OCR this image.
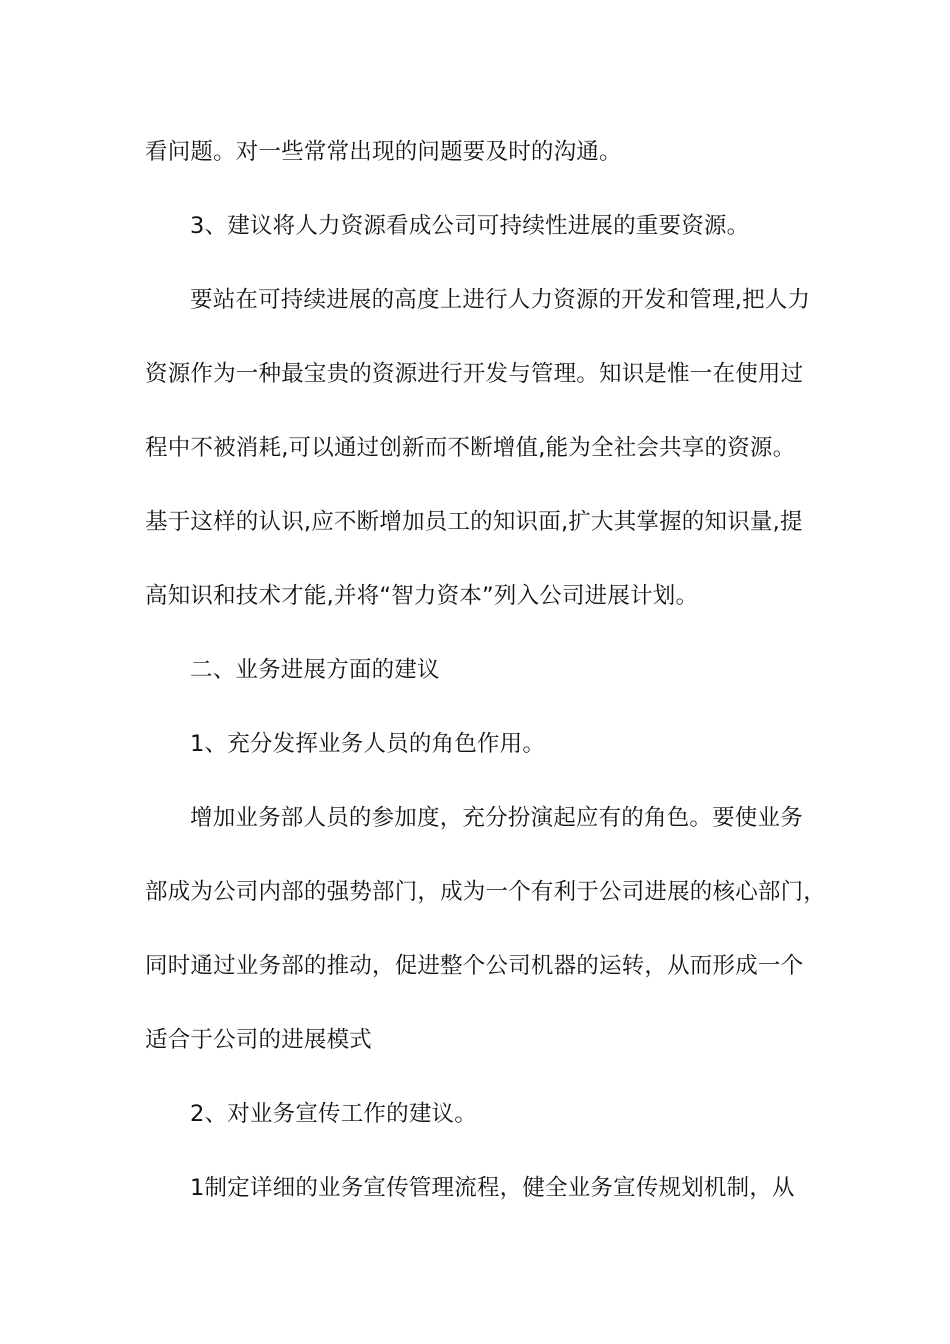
看问题。对一些常常出现的问题要及时的沟通。
3、建议将人力资源看成公司可持续性进展的重要资源。
要站在可持续进展的高度上进行人力资源的开发和管理,把人力
资源作为一种最宝贵的资源进行开发与管理。知识是惟一在使用过
程中不被消耗,可以通过创新而不断增值,能为全社会共享的资源。
基于这样的认识,应不断增加员工的知识面,扩大其掌握的知识量,提
高知识和技术才能,并将“智力资本”列入公司进展计划。
二、业务进展方面的建议
1、充分发挥业务人员的角色作用。
增加业务部人员的参加度，充分扮演起应有的角色。要使业务
部成为公司内部的强势部门，成为一个有利于公司进展的核心部门，
同时通过业务部的推动，促进整个公司机器的运转，从而形成一个
适合于公司的进展模式
2、对业务宣传工作的建议。
1制定详细的业务宣传管理流程，健全业务宣传规划机制，从
